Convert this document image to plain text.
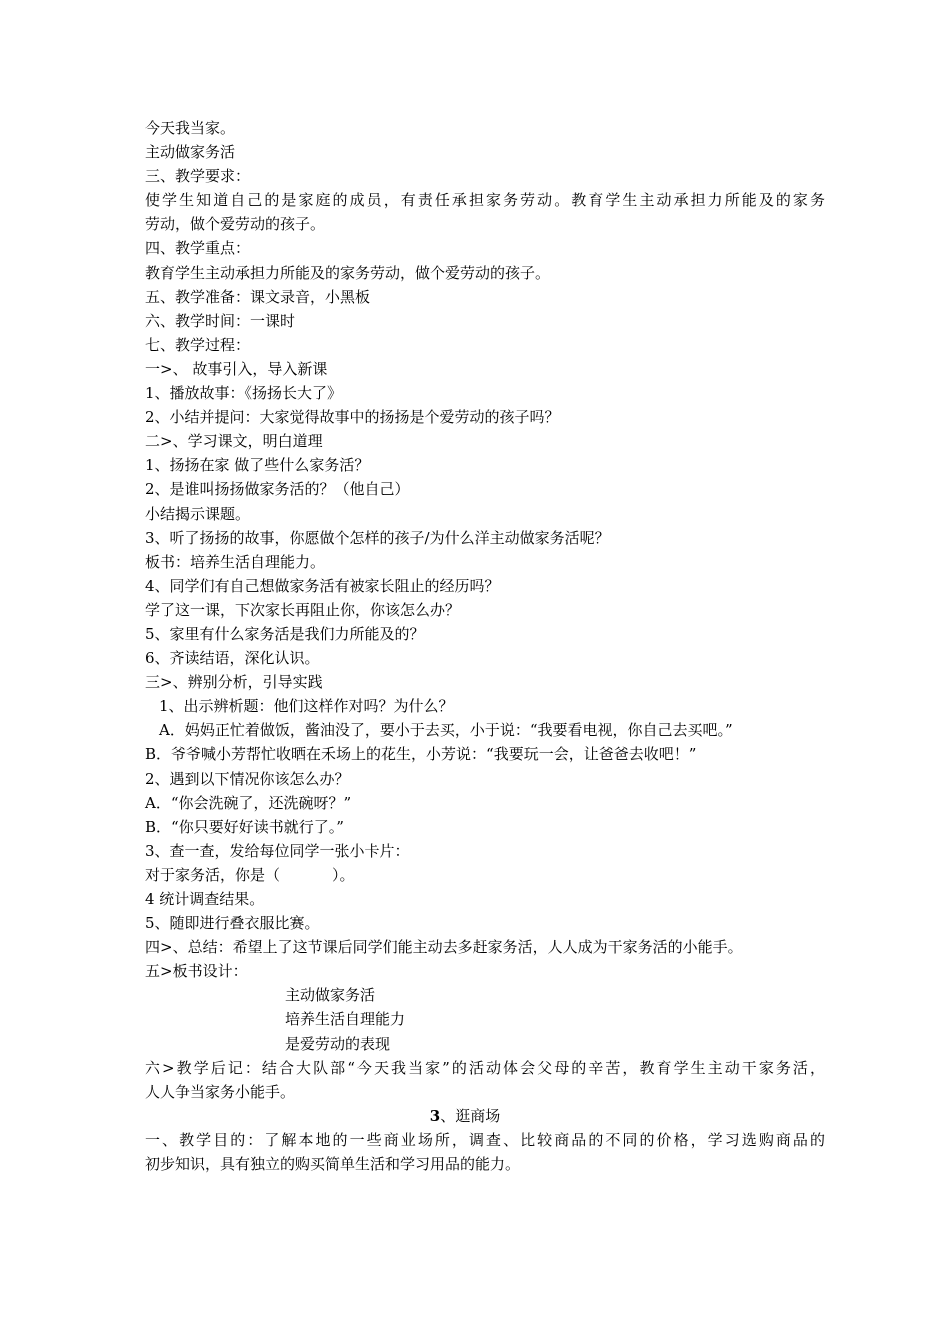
今天我当家。
主动做家务活
三、教学要求：
使学生知道自己的是家庭的成员，有责任承担家务劳动。教育学生主动承担力所能及的家务
劳动，做个爱劳动的孩子。
四、教学重点：
教育学生主动承担力所能及的家务劳动，做个爱劳动的孩子。
五、教学准备：课文录音，小黑板
六、教学时间：一课时
七、教学过程：
一>、 故事引入，导入新课
1、播放故事：《扬扬长大了》
2、小结并提问：大家觉得故事中的扬扬是个爱劳动的孩子吗？
二>、学习课文，明白道理
1、扬扬在家 做了些什么家务活？
2、是谁叫扬扬做家务活的？（他自己）
小结揭示课题。
3、听了扬扬的故事，你愿做个怎样的孩子/为什么洋主动做家务活呢？
板书：培养生活自理能力。
4、同学们有自己想做家务活有被家长阻止的经历吗？
学了这一课，下次家长再阻止你，你该怎么办？
5、家里有什么家务活是我们力所能及的？
6、齐读结语，深化认识。
三>、辨别分析，引导实践
1、出示辨析题：他们这样作对吗？为什么？
A．妈妈正忙着做饭，酱油没了，要小于去买，小于说：“我要看电视，你自己去买吧。”
B．爷爷喊小芳帮忙收晒在禾场上的花生，小芳说：“我要玩一会，让爸爸去收吧！”
2、遇到以下情况你该怎么办？
A．“你会洗碗了，还洗碗呀？”
B．“你只要好好读书就行了。”
3、查一查，发给每位同学一张小卡片：
对于家务活，你是（	）。
4 统计调查结果。
5、随即进行叠衣服比赛。
四>、总结：希望上了这节课后同学们能主动去多赶家务活，人人成为干家务活的小能手。
五>板书设计：
主动做家务活
培养生活自理能力
是爱劳动的表现
六>教学后记：结合大队部“今天我当家”的活动体会父母的辛苦，教育学生主动干家务活，
人人争当家务小能手。
3、逛商场
一、教学目的：了解本地的一些商业场所，调查、比较商品的不同的价格，学习选购商品的
初步知识，具有独立的购买简单生活和学习用品的能力。
